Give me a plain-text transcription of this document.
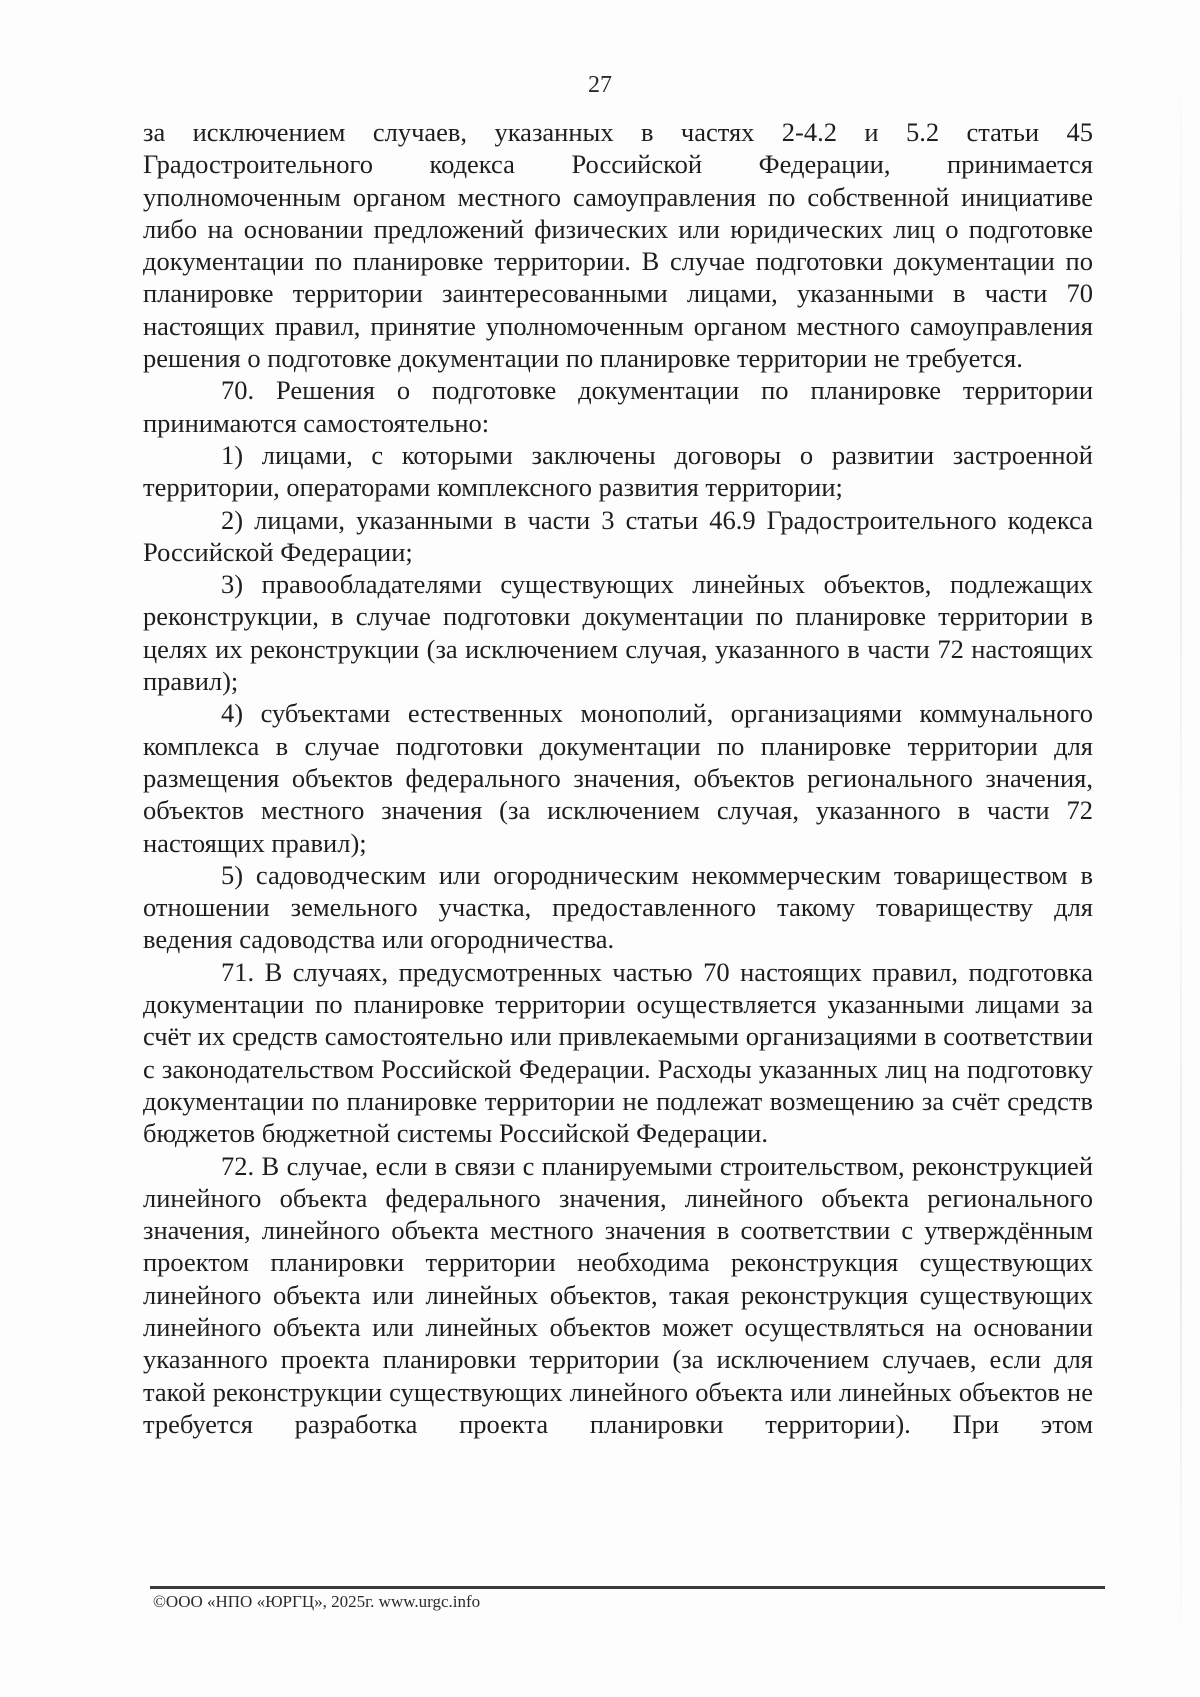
27

за исключением случаев, указанных в частях 2-4.2 и 5.2 статьи 45 Градостроительного кодекса Российской Федерации, принимается уполномоченным органом местного самоуправления по собственной инициативе либо на основании предложений физических или юридических лиц о подготовке документации по планировке территории. В случае подготовки документации по планировке территории заинтересованными лицами, указанными в части 70 настоящих правил, принятие уполномоченным органом местного самоуправления решения о подготовке документации по планировке территории не требуется.

70. Решения о подготовке документации по планировке территории принимаются самостоятельно:

1) лицами, с которыми заключены договоры о развитии застроенной территории, операторами комплексного развития территории;

2) лицами, указанными в части 3 статьи 46.9 Градостроительного кодекса Российской Федерации;

3) правообладателями существующих линейных объектов, подлежащих реконструкции, в случае подготовки документации по планировке территории в целях их реконструкции (за исключением случая, указанного в части 72 настоящих правил);

4) субъектами естественных монополий, организациями коммунального комплекса в случае подготовки документации по планировке территории для размещения объектов федерального значения, объектов регионального значения, объектов местного значения (за исключением случая, указанного в части 72 настоящих правил);

5) садоводческим или огородническим некоммерческим товариществом в отношении земельного участка, предоставленного такому товариществу для ведения садоводства или огородничества.

71. В случаях, предусмотренных частью 70 настоящих правил, подготовка документации по планировке территории осуществляется указанными лицами за счёт их средств самостоятельно или привлекаемыми организациями в соответствии с законодательством Российской Федерации. Расходы указанных лиц на подготовку документации по планировке территории не подлежат возмещению за счёт средств бюджетов бюджетной системы Российской Федерации.

72. В случае, если в связи с планируемыми строительством, реконструкцией линейного объекта федерального значения, линейного объекта регионального значения, линейного объекта местного значения в соответствии с утверждённым проектом планировки территории необходима реконструкция существующих линейного объекта или линейных объектов, такая реконструкция существующих линейного объекта или линейных объектов может осуществляться на основании указанного проекта планировки территории (за исключением случаев, если для такой реконструкции существующих линейного объекта или линейных объектов не требуется разработка проекта планировки территории). При этом

©ООО «НПО «ЮРГЦ», 2025г. www.urgc.info
